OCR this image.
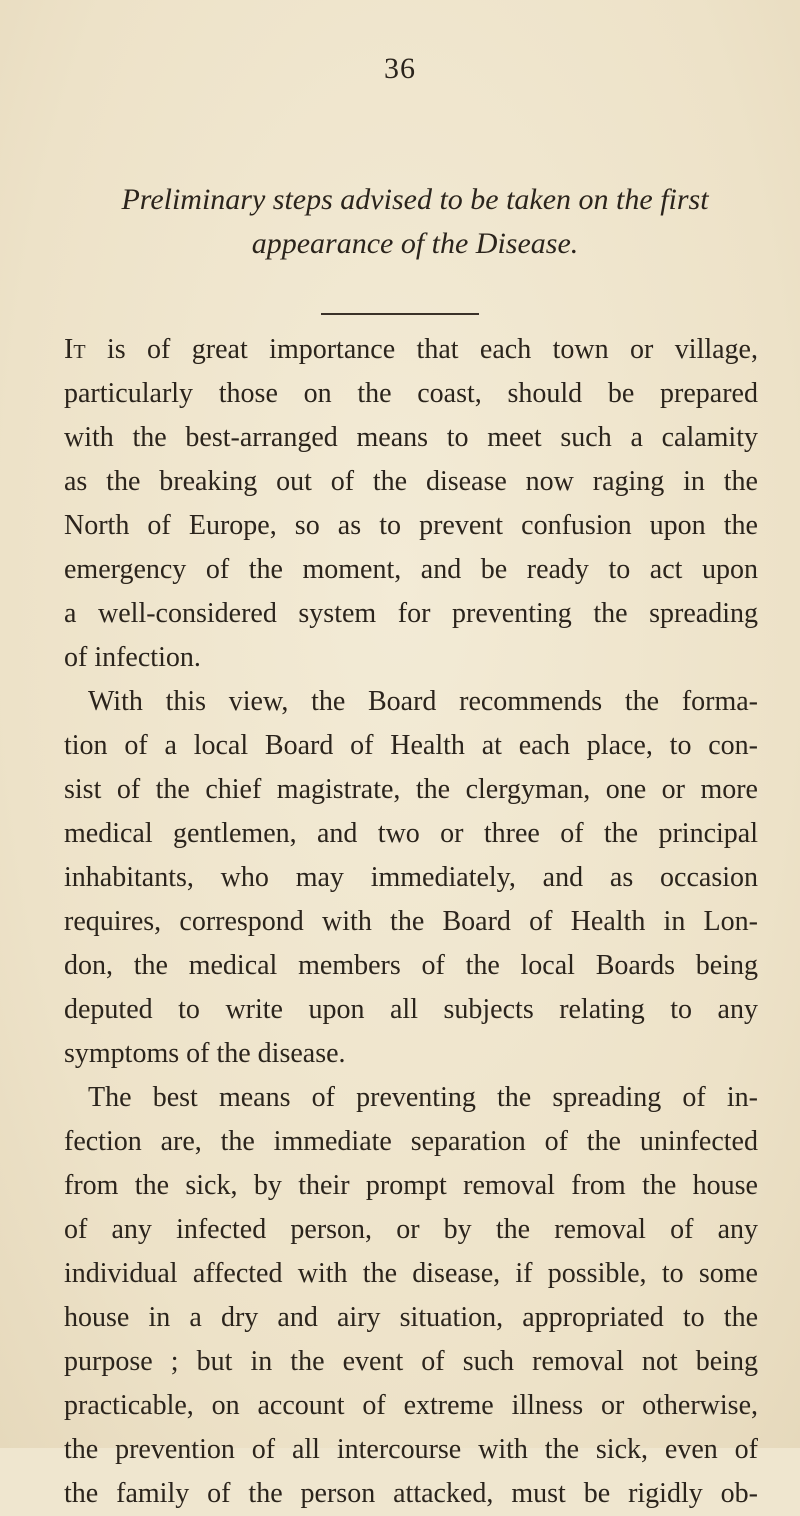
36
Preliminary steps advised to be taken on the first
appearance of the Disease.
It is of great importance that each town or village,
particularly those on the coast, should be prepared
with the best-arranged means to meet such a calamity
as the breaking out of the disease now raging in the
North of Europe, so as to prevent confusion upon the
emergency of the moment, and be ready to act upon
a well-considered system for preventing the spreading
of infection.
With this view, the Board recommends the forma-
tion of a local Board of Health at each place, to con-
sist of the chief magistrate, the clergyman, one or more
medical gentlemen, and two or three of the principal
inhabitants, who may immediately, and as occasion
requires, correspond with the Board of Health in Lon-
don, the medical members of the local Boards being
deputed to write upon all subjects relating to any
symptoms of the disease.
The best means of preventing the spreading of in-
fection are, the immediate separation of the uninfected
from the sick, by their prompt removal from the house
of any infected person, or by the removal of any
individual affected with the disease, if possible, to some
house in a dry and airy situation, appropriated to the
purpose ; but in the event of such removal not being
practicable, on account of extreme illness or otherwise,
the prevention of all intercourse with the sick, even of
the family of the person attacked, must be rigidly ob-
